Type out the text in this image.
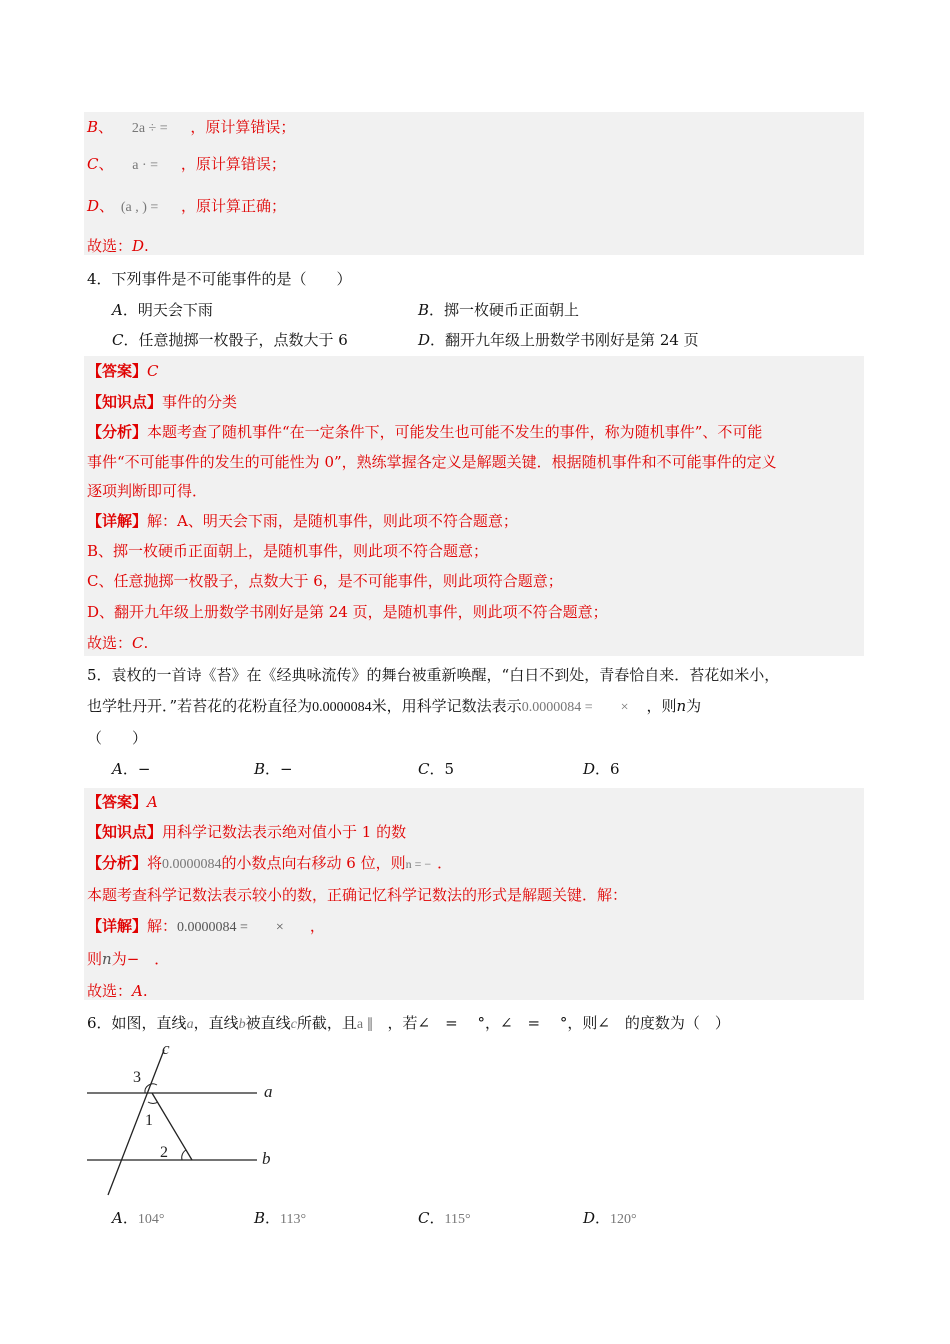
B、 2a ÷ = ，原计算错误；
C、 a · = ，原计算错误；
D、 (a , ) = ，原计算正确；
故选：D.
4．下列事件是不可能事件的是（　　）
A．明天会下雨	B．掷一枚硬币正面朝上
C．任意抛掷一枚骰子，点数大于 6	D．翻开九年级上册数学书刚好是第 24 页
【答案】C
【知识点】事件的分类
【分析】本题考查了随机事件“在一定条件下，可能发生也可能不发生的事件，称为随机事件”、不可能
事件“不可能事件的发生的可能性为 0”，熟练掌握各定义是解题关键．根据随机事件和不可能事件的定义
逐项判断即可得．
【详解】解：A、明天会下雨，是随机事件，则此项不符合题意；
B、掷一枚硬币正面朝上，是随机事件，则此项不符合题意；
C、任意抛掷一枚骰子，点数大于 6，是不可能事件，则此项符合题意；
D、翻开九年级上册数学书刚好是第 24 页，是随机事件，则此项不符合题意；
故选：C.
5．袁枚的一首诗《苔》在《经典咏流传》的舞台被重新唤醒，“白日不到处，青春恰自来．苔花如米小，
也学牡丹开．”若苔花的花粉直径为0.0000084米，用科学记数法表示0.0000084 =　　× ，则n为
（　　）
A．−	B．−	C．5	D．6
【答案】A
【知识点】用科学记数法表示绝对值小于 1 的数
【分析】将0.0000084的小数点向右移动 6 位，则n = − ．
本题考查科学记数法表示较小的数，正确记忆科学记数法的形式是解题关键．解：
【详解】解：0.0000084 =　　× ，
则n为−　．
故选：A.
6．如图，直线a，直线b被直线c所截，且a ∥ ，若∠　=　 °，∠　=　 °，则∠　的度数为（　）
c
a
b
3
1
2
A．104°	B．113°	C．115°	D．120°
